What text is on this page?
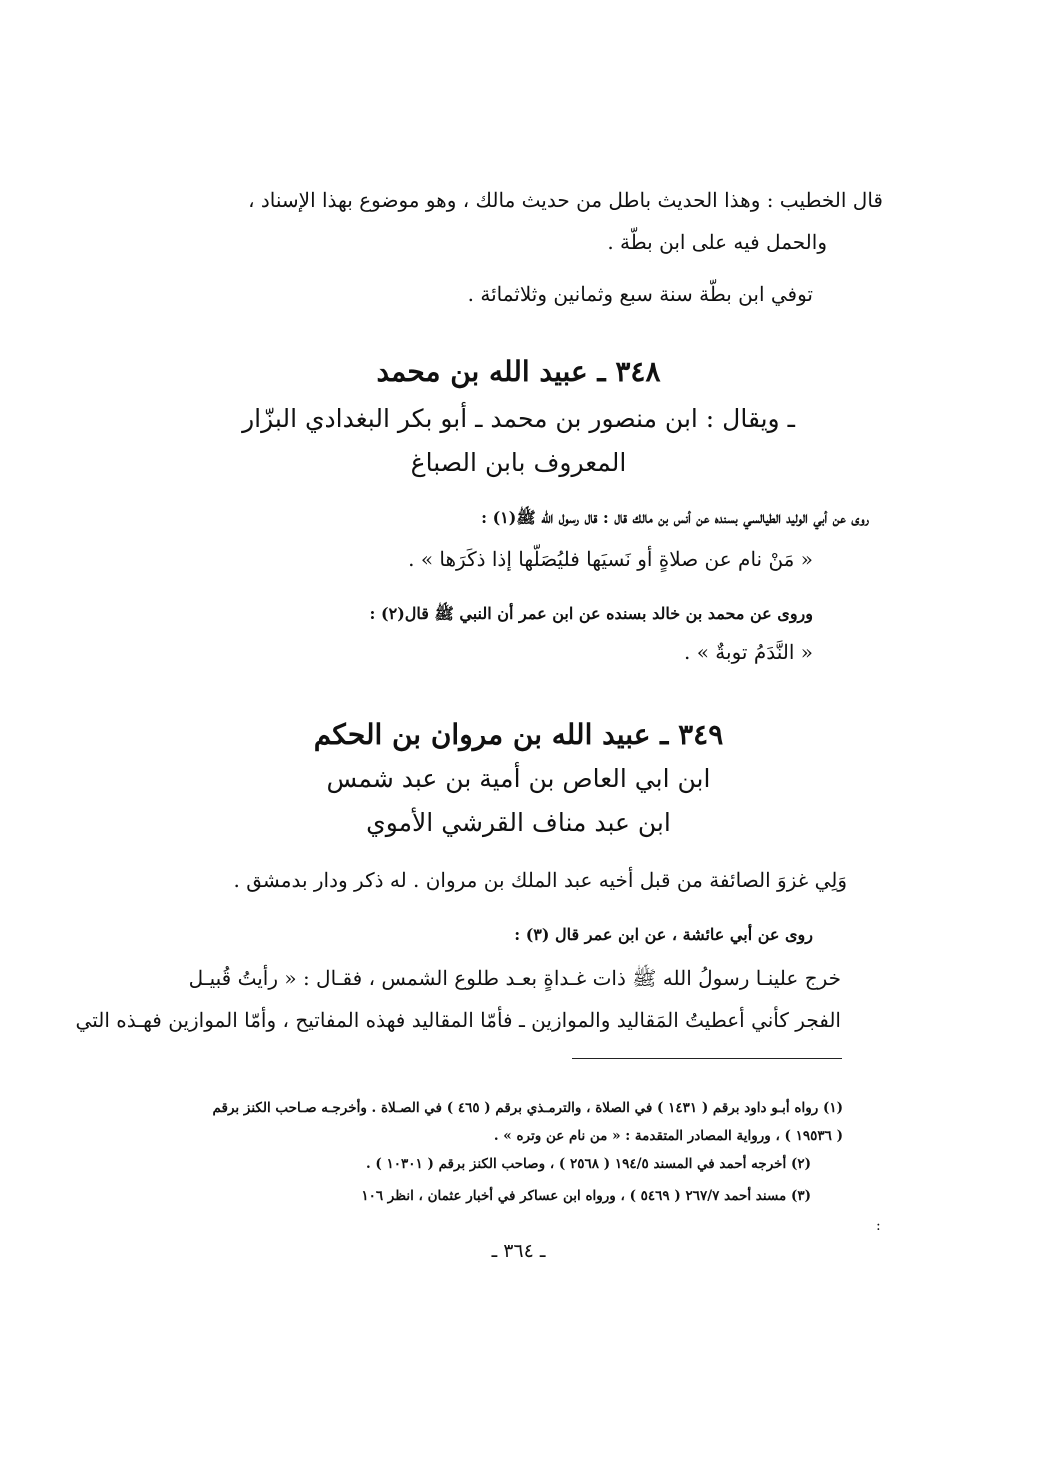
قال الخطيب : وهذا الحديث باطل من حديث مالك ، وهو موضوع بهذا الإسناد ،
والحمل فيه على ابن بطّة .
توفي ابن بطّة سنة سبع وثمانين وثلاثمائة .
٣٤٨ ـ عبيد الله بن محمد
ـ ويقال : ابن منصور بن محمد ـ أبو بكر البغدادي البزّار
المعروف بابن الصباغ
روى عن أبي الوليد الطيالسي بسنده عن أنس بن مالك قال : قال رسول الله ﷺ(١) :
« مَنْ نام عن صلاةٍ أو نَسيَها فليُصَلّها إذا ذكَرَها » .
وروى عن محمد بن خالد بسنده عن ابن عمر أن النبي ﷺ قال(٢) :
« النَّدَمُ توبةٌ » .
٣٤٩ ـ عبيد الله بن مروان بن الحكم
ابن ابي العاص بن أمية بن عبد شمس
ابن عبد مناف القرشي الأموي
وَلِي غزوَ الصائفة من قبل أخيه عبد الملك بن مروان . له ذكر ودار بدمشق .
روى عن أبي عائشة ، عن ابن عمر قال (٣) :
خرج علينـا رسولُ الله ﷺ ذات غـداةٍ بعـد طلوع الشمس ، فقـال : « رأيتُ قُبيـل
الفجر كأني أعطيتُ المَقاليد والموازين ـ فأمّا المقاليد فهذه المفاتيح ، وأمّا الموازين فهـذه التي
(١) رواه أبـو داود برقم ( ١٤٣١ ) في الصلاة ، والترمـذي برقم ( ٤٦٥ ) في الصـلاة . وأخرجـه صـاحب الكنز برقم
( ١٩٥٣٦ ) ، ورواية المصادر المتقدمة : « من نام عن وتره » .
(٢) أخرجه أحمد في المسند ١٩٤/٥ ( ٢٥٦٨ ) ، وصاحب الكنز برقم ( ١٠٣٠١ ) .
(٣) مسند أحمد ٢٦٧/٧ ( ٥٤٦٩ ) ، ورواه ابن عساكر في أخبار عثمان ، انظر ١٠٦
:
ـ ٣٦٤ ـ
